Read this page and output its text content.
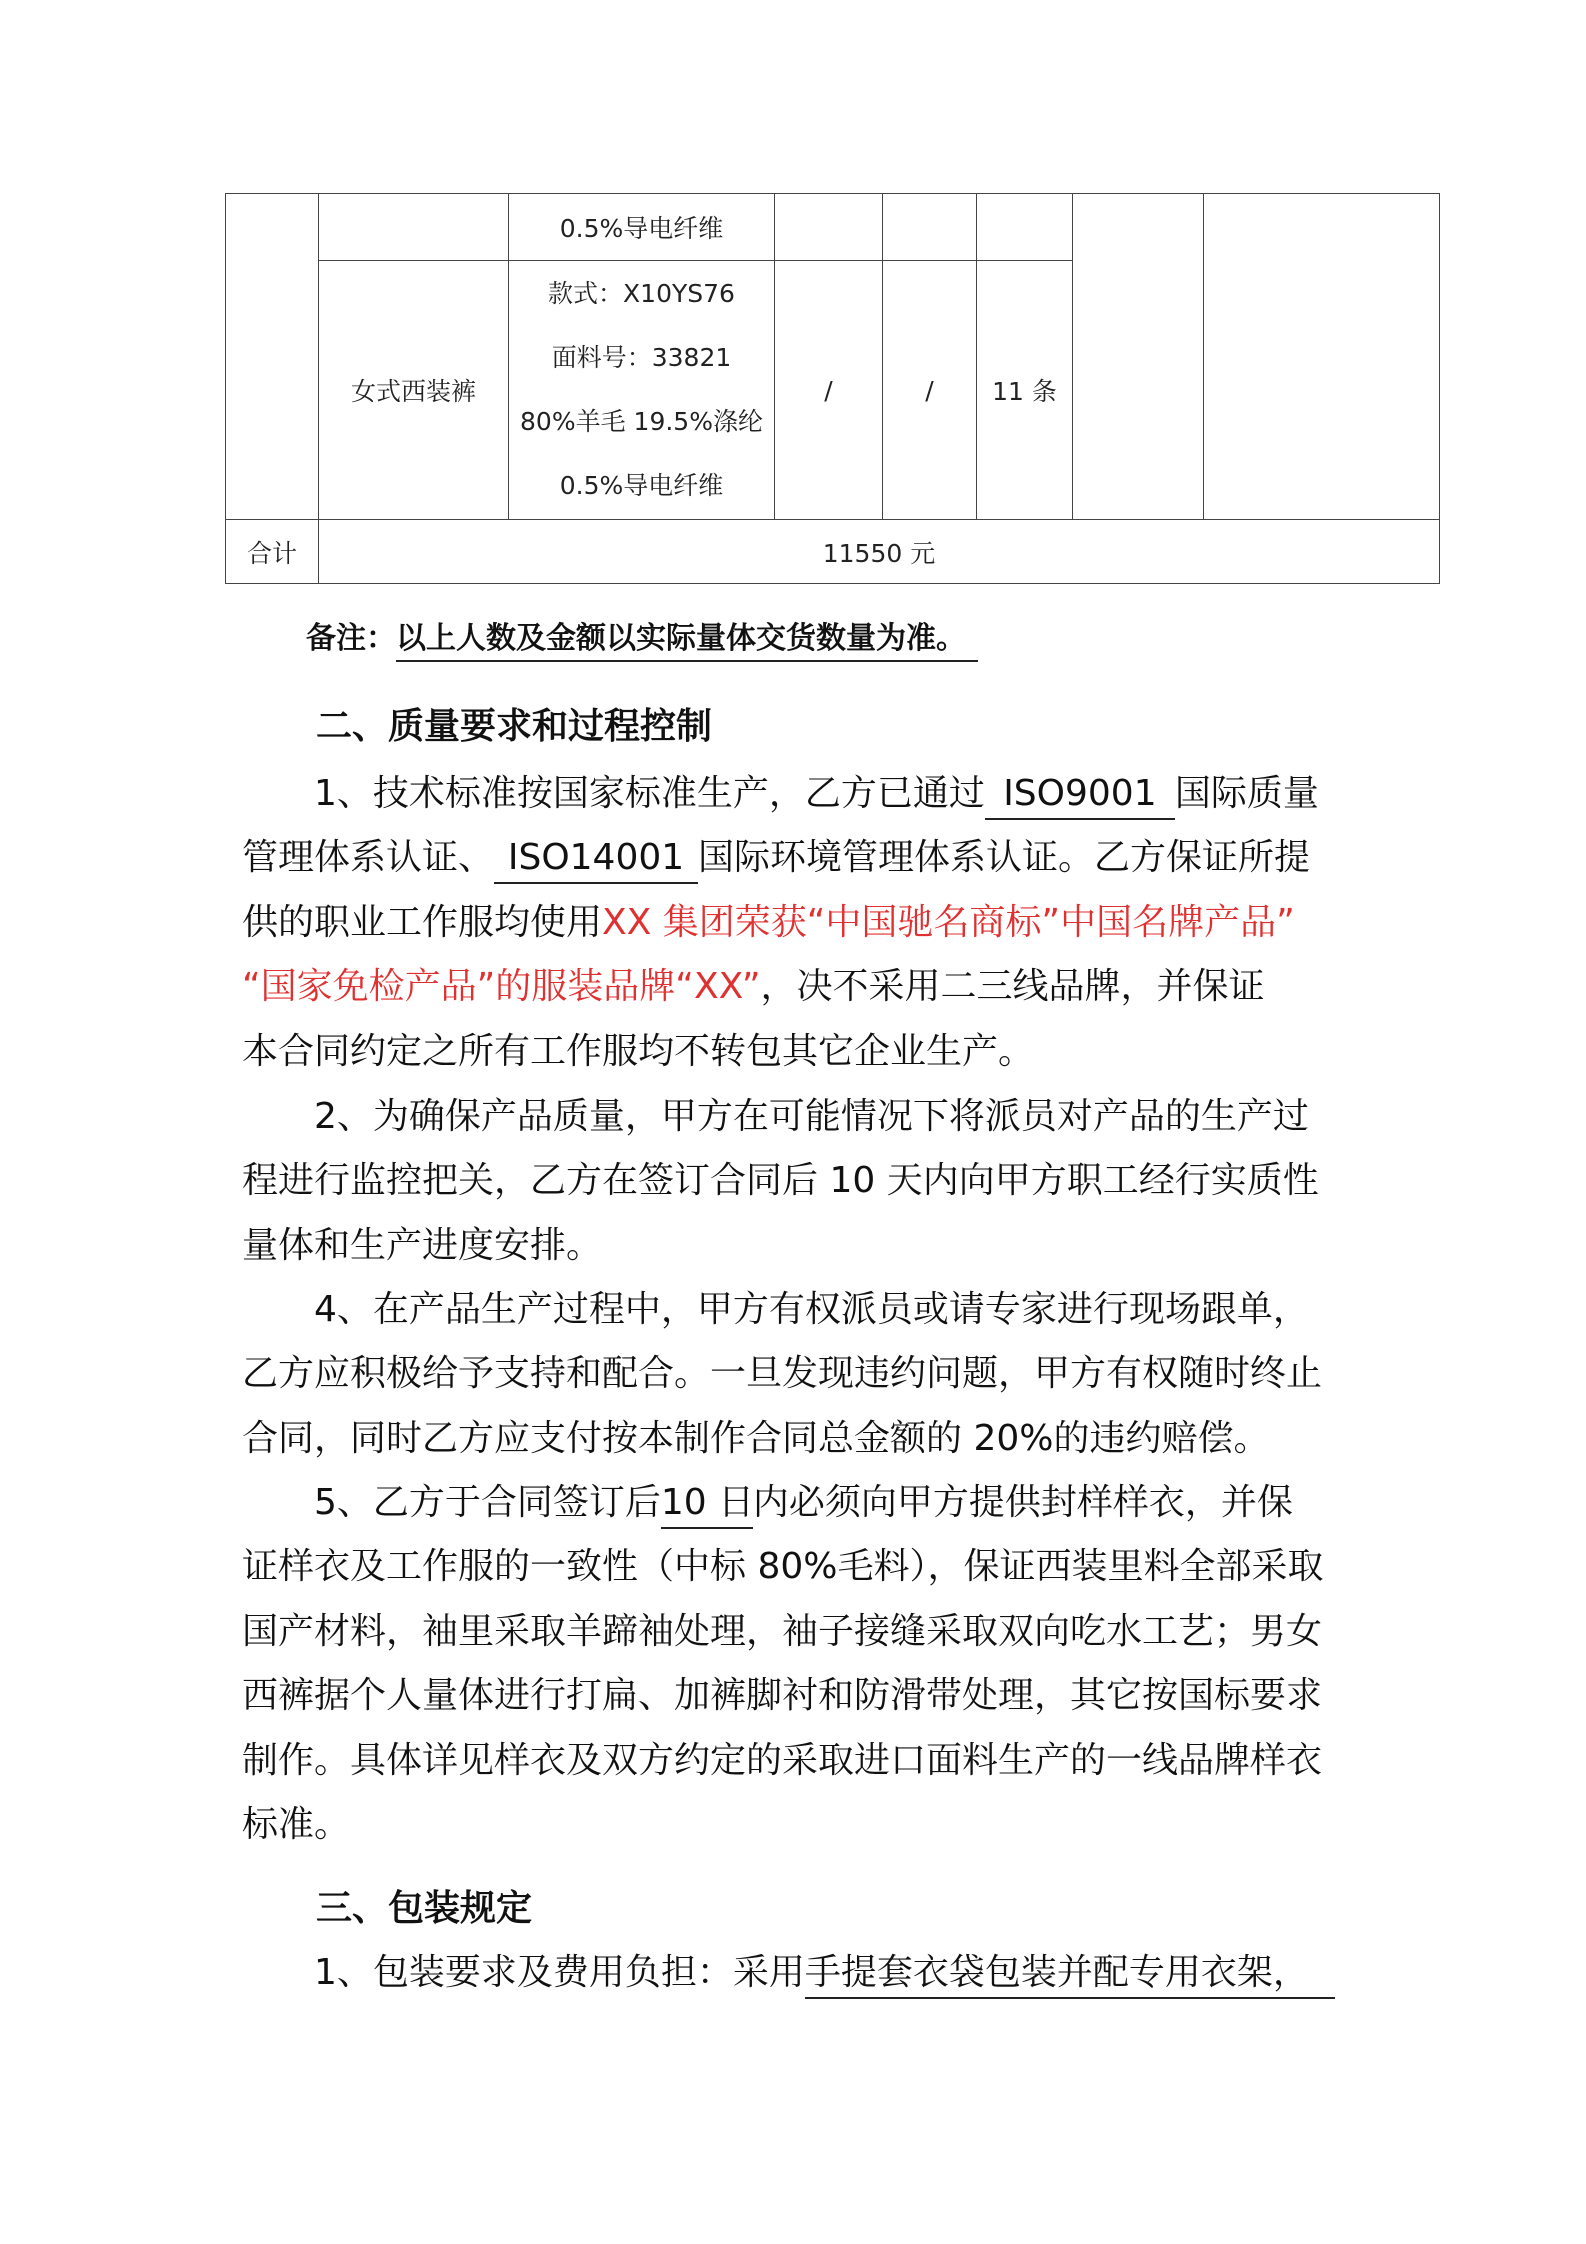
		0.5%导电纤维					
	女式西装裤	款式：X10YS76
面料号：33821
80%羊毛 19.5%涤纶
0.5%导电纤维	/	/	11 条		
合计	11550 元						
备注：以上人数及金额以实际量体交货数量为准。
二、质量要求和过程控制
1、技术标准按国家标准生产，乙方已通过 ISO9001 国际质量
管理体系认证、 ISO14001 国际环境管理体系认证。乙方保证所提
供的职业工作服均使用XX 集团荣获“中国驰名商标”中国名牌产品”
“国家免检产品”的服装品牌“XX”，决不采用二三线品牌，并保证
本合同约定之所有工作服均不转包其它企业生产。
2、为确保产品质量，甲方在可能情况下将派员对产品的生产过
程进行监控把关，乙方在签订合同后 10 天内向甲方职工经行实质性
量体和生产进度安排。
4、在产品生产过程中，甲方有权派员或请专家进行现场跟单，
乙方应积极给予支持和配合。一旦发现违约问题，甲方有权随时终止
合同，同时乙方应支付按本制作合同总金额的 20%的违约赔偿。
5、乙方于合同签订后10 日内必须向甲方提供封样样衣，并保
证样衣及工作服的一致性（中标 80%毛料），保证西装里料全部采取
国产材料，袖里采取羊蹄袖处理，袖子接缝采取双向吃水工艺；男女
西裤据个人量体进行打扁、加裤脚衬和防滑带处理，其它按国标要求
制作。具体详见样衣及双方约定的采取进口面料生产的一线品牌样衣
标准。
三、包装规定
1、包装要求及费用负担：采用手提套衣袋包装并配专用衣架，
